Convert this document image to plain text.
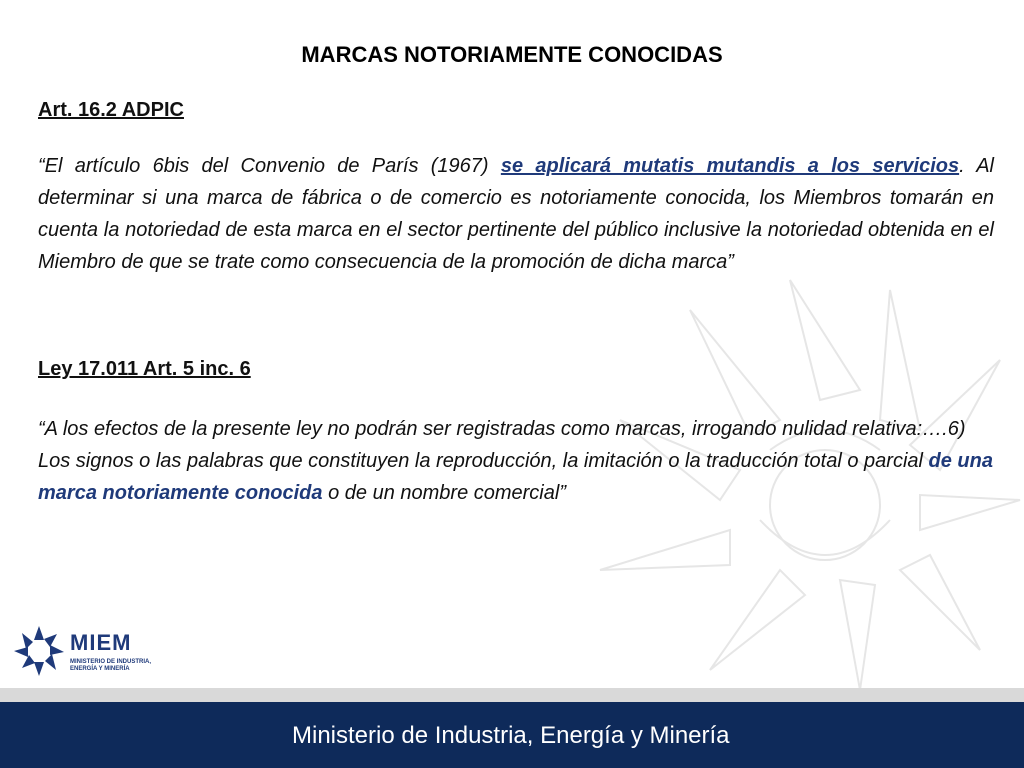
MARCAS NOTORIAMENTE CONOCIDAS
Art. 16.2 ADPIC
“El artículo 6bis del Convenio de París (1967) se aplicará mutatis mutandis a los servicios. Al determinar si una marca de fábrica o de comercio es notoriamente conocida, los Miembros tomarán en cuenta la notoriedad de esta marca en el sector pertinente del público inclusive la notoriedad obtenida en el Miembro de que se trate como consecuencia de la promoción de dicha marca”
Ley 17.011 Art. 5 inc. 6
“A los efectos de la presente ley no podrán ser registradas como marcas, irrogando nulidad relativa:….6) Los signos o las palabras que constituyen la reproducción, la imitación o la traducción total o parcial de una marca notoriamente conocida o de un nombre comercial”
MIEM
MINISTERIO DE INDUSTRIA, ENERGÍA Y MINERÍA
Ministerio de Industria, Energía y Minería
